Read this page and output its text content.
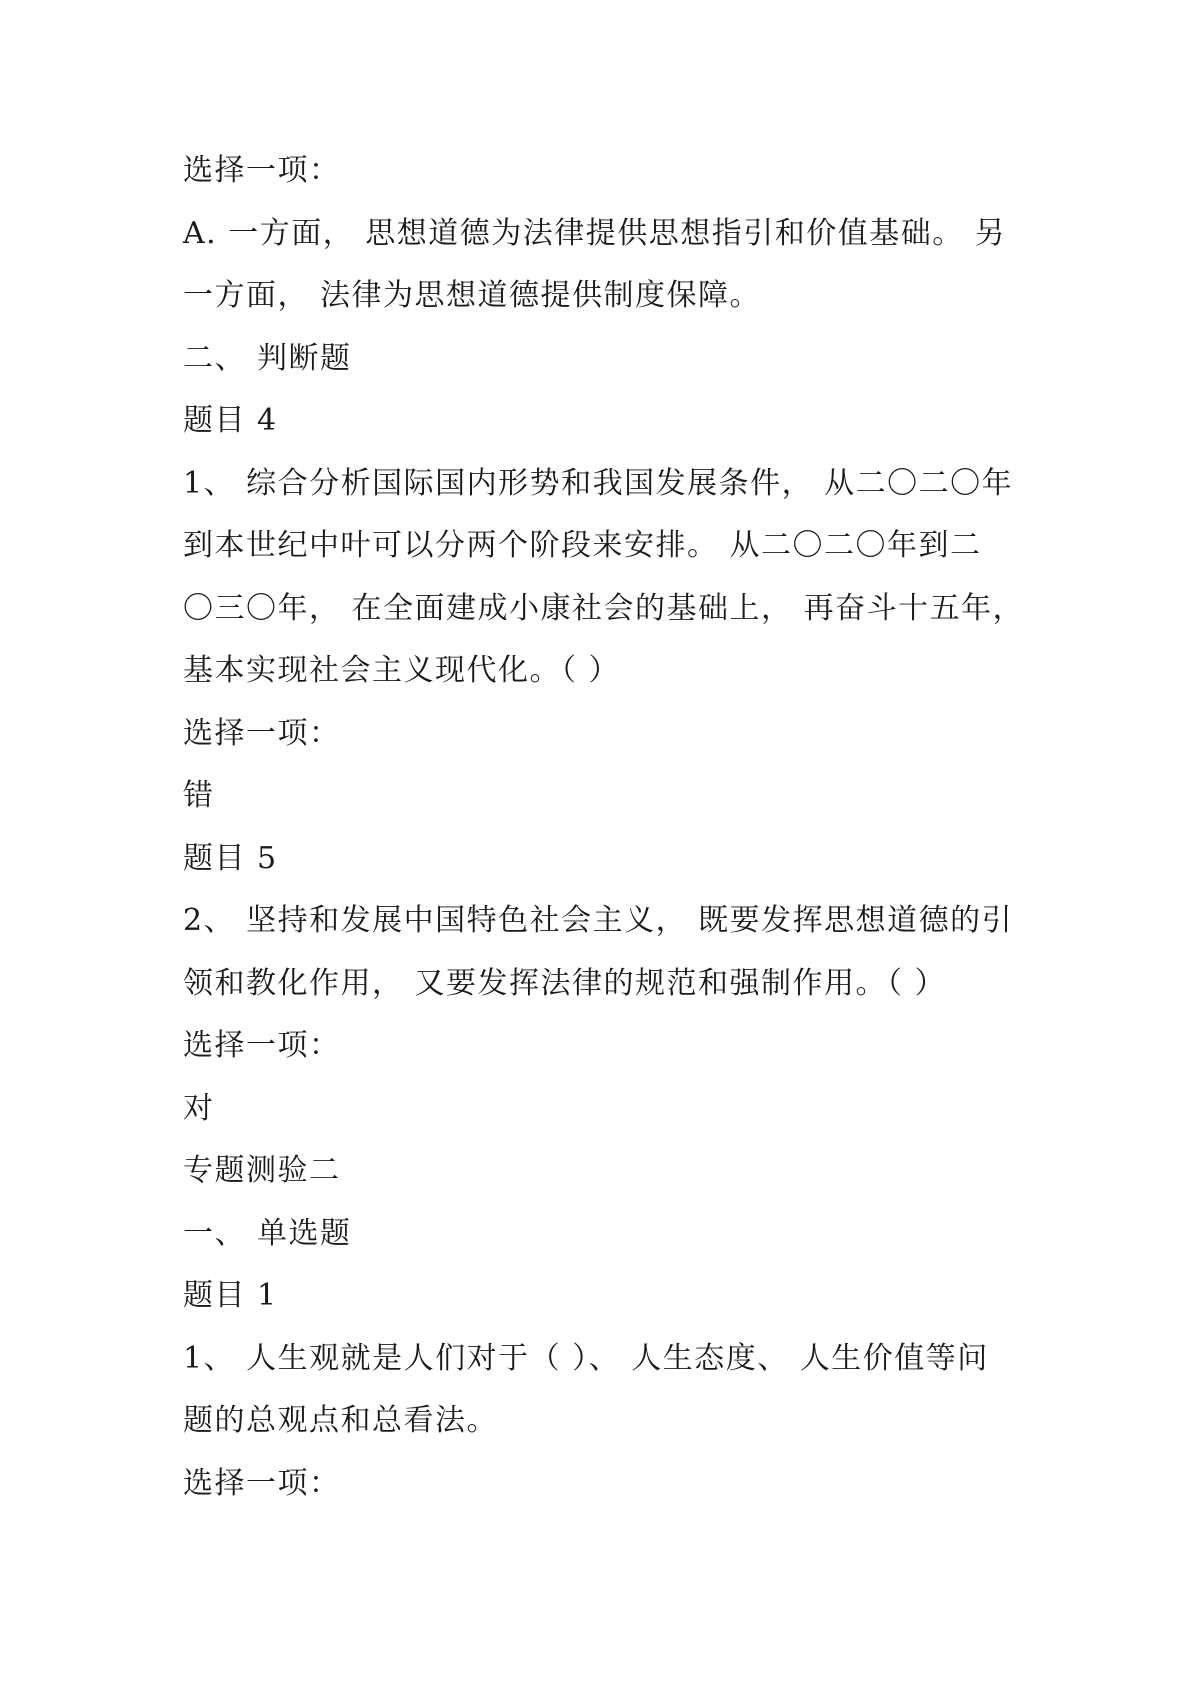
选择一项：
A. 一方面， 思想道德为法律提供思想指引和价值基础。 另
一方面， 法律为思想道德提供制度保障。
二、 判断题
题目 4
1、 综合分析国际国内形势和我国发展条件， 从二〇二〇年
到本世纪中叶可以分两个阶段来安排。 从二〇二〇年到二
〇三〇年， 在全面建成小康社会的基础上， 再奋斗十五年，
基本实现社会主义现代化。（ ）
选择一项：
错
题目 5
2、 坚持和发展中国特色社会主义， 既要发挥思想道德的引
领和教化作用， 又要发挥法律的规范和强制作用。（ ）
选择一项：
对
专题测验二
一、 单选题
题目 1
1、 人生观就是人们对于（ ）、 人生态度、 人生价值等问
题的总观点和总看法。
选择一项：
